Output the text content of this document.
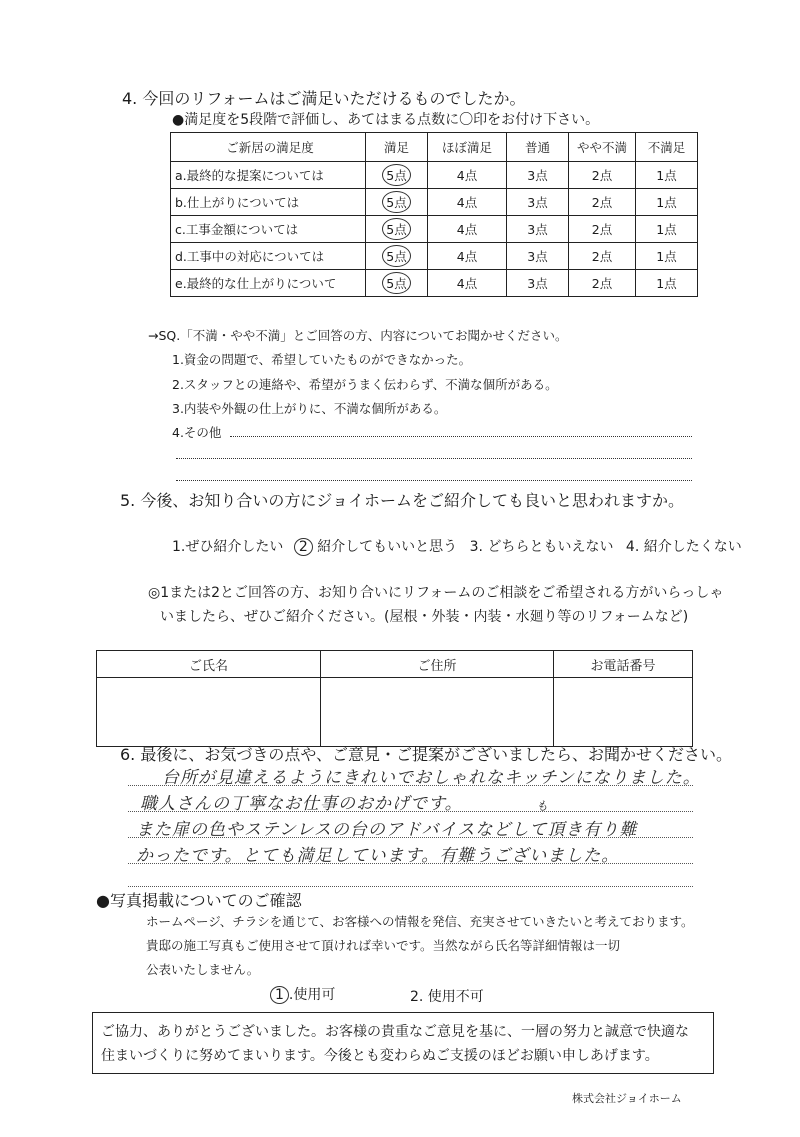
4. 今回のリフォームはご満足いただけるものでしたか。
●満足度を5段階で評価し、あてはまる点数に〇印をお付け下さい。
ご新居の満足度	満足	ほぼ満足	普通	やや不満	不満足
a.最終的な提案については	5点	4点	3点	2点	1点
b.仕上がりについては	5点	4点	3点	2点	1点
c.工事金額については	5点	4点	3点	2点	1点
d.工事中の対応については	5点	4点	3点	2点	1点
e.最終的な仕上がりについて	5点	4点	3点	2点	1点
→SQ.「不満・やや不満」とご回答の方、内容についてお聞かせください。
1.資金の問題で、希望していたものができなかった。
2.スタッフとの連絡や、希望がうまく伝わらず、不満な個所がある。
3.内装や外観の仕上がりに、不満な個所がある。
4.その他
5. 今後、お知り合いの方にジョイホームをご紹介しても良いと思われますか。
1.ぜひ紹介したい 2 紹介してもいいと思う 3. どちらともいえない 4. 紹介したくない
◎1または2とご回答の方、お知り合いにリフォームのご相談をご希望される方がいらっしゃ
いましたら、ぜひご紹介ください。(屋根・外装・内装・水廻り等のリフォームなど)
ご氏名	ご住所	お電話番号

6. 最後に、お気づきの点や、ご意見・ご提案がございましたら、お聞かせください。
台所が見違えるようにきれいでおしゃれなキッチンになりました。
職人さんの丁寧なお仕事のおかげです。	も
また扉の色やステンレスの台のアドバイスなどして頂き有り難
かったです。とても満足しています。有難うございました。
●写真掲載についてのご確認
ホームページ、チラシを通じて、お客様への情報を発信、充実させていきたいと考えております。
貴邸の施工写真もご使用させて頂ければ幸いです。当然ながら氏名等詳細情報は一切
公表いたしません。
1 .使用可	2. 使用不可
ご協力、ありがとうございました。お客様の貴重なご意見を基に、一層の努力と誠意で快適な
住まいづくりに努めてまいります。今後とも変わらぬご支援のほどお願い申しあげます。
株式会社ジョイホーム
